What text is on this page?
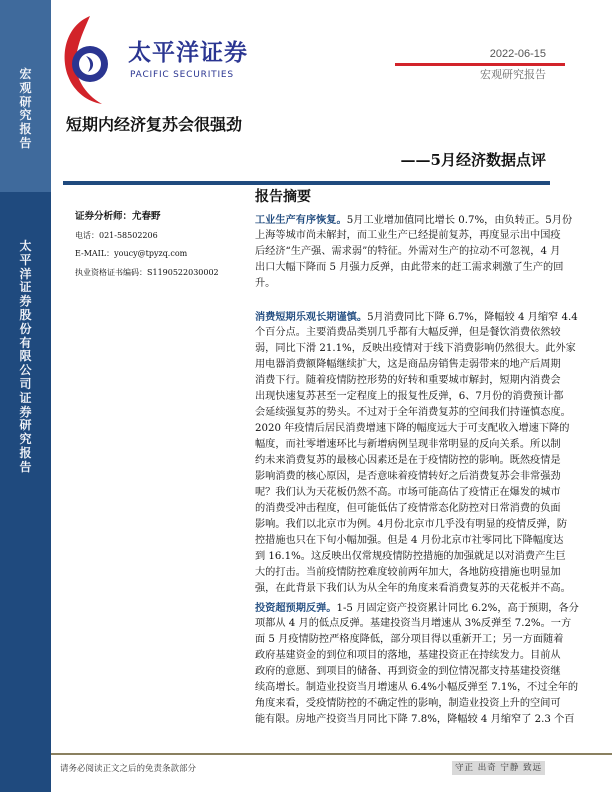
宏观研究报告
太平洋证券股份有限公司证券研究报告
太平洋证券
PACIFIC SECURITIES
2022-06-15
宏观研究报告
短期内经济复苏会很强劲
——5月经济数据点评
证券分析师：尤春野
电话：021-58502206
E-MAIL：youcy@tpyzq.com
执业资格证书编码：S1190522030002
报告摘要
工业生产有序恢复。5月工业增加值同比增长 0.7%，由负转正。5月份
上海等城市尚未解封，而工业生产已经提前复苏，再度显示出中国疫
后经济“生产强、需求弱”的特征。外需对生产的拉动不可忽视，4 月
出口大幅下降而 5 月强力反弹，由此带来的赶工需求刺激了生产的回
升。
消费短期乐观长期谨慎。5月消费同比下降 6.7%，降幅较 4 月缩窄 4.4
个百分点。主要消费品类别几乎都有大幅反弹，但是餐饮消费依然较
弱，同比下滑 21.1%，反映出疫情对于线下消费影响仍然很大。此外家
用电器消费额降幅继续扩大，这是商品房销售走弱带来的地产后周期
消费下行。随着疫情防控形势的好转和重要城市解封，短期内消费会
出现快速复苏甚至一定程度上的报复性反弹，6、7月份的消费预计都
会延续强复苏的势头。不过对于全年消费复苏的空间我们持谨慎态度。
2020 年疫情后居民消费增速下降的幅度远大于可支配收入增速下降的
幅度，而社零增速环比与新增病例呈现非常明显的反向关系。所以制
约未来消费复苏的最核心因素还是在于疫情防控的影响。既然疫情是
影响消费的核心原因，是否意味着疫情转好之后消费复苏会非常强劲
呢？我们认为天花板仍然不高。市场可能高估了疫情正在爆发的城市
的消费受冲击程度，但可能低估了疫情常态化防控对日常消费的负面
影响。我们以北京市为例。4月份北京市几乎没有明显的疫情反弹，防
控措施也只在下旬小幅加强。但是 4 月份北京市社零同比下降幅度达
到 16.1%。这反映出仅常规疫情防控措施的加强就足以对消费产生巨
大的打击。当前疫情防控难度较前两年加大，各地防疫措施也明显加
强，在此背景下我们认为从全年的角度来看消费复苏的天花板并不高。
投资超预期反弹。1-5 月固定资产投资累计同比 6.2%，高于预期，各分
项都从 4 月的低点反弹。基建投资当月增速从 3%反弹至 7.2%。一方
面 5 月疫情防控严格度降低，部分项目得以重新开工；另一方面随着
政府基建资金的到位和项目的落地，基建投资正在持续发力。目前从
政府的意愿、到项目的储备、再到资金的到位情况都支持基建投资继
续高增长。制造业投资当月增速从 6.4%小幅反弹至 7.1%，不过全年的
角度来看，受疫情防控的不确定性的影响，制造业投资上升的空间可
能有限。房地产投资当月同比下降 7.8%，降幅较 4 月缩窄了 2.3 个百
请务必阅读正文之后的免责条款部分	守正 出奇 宁静 致远
